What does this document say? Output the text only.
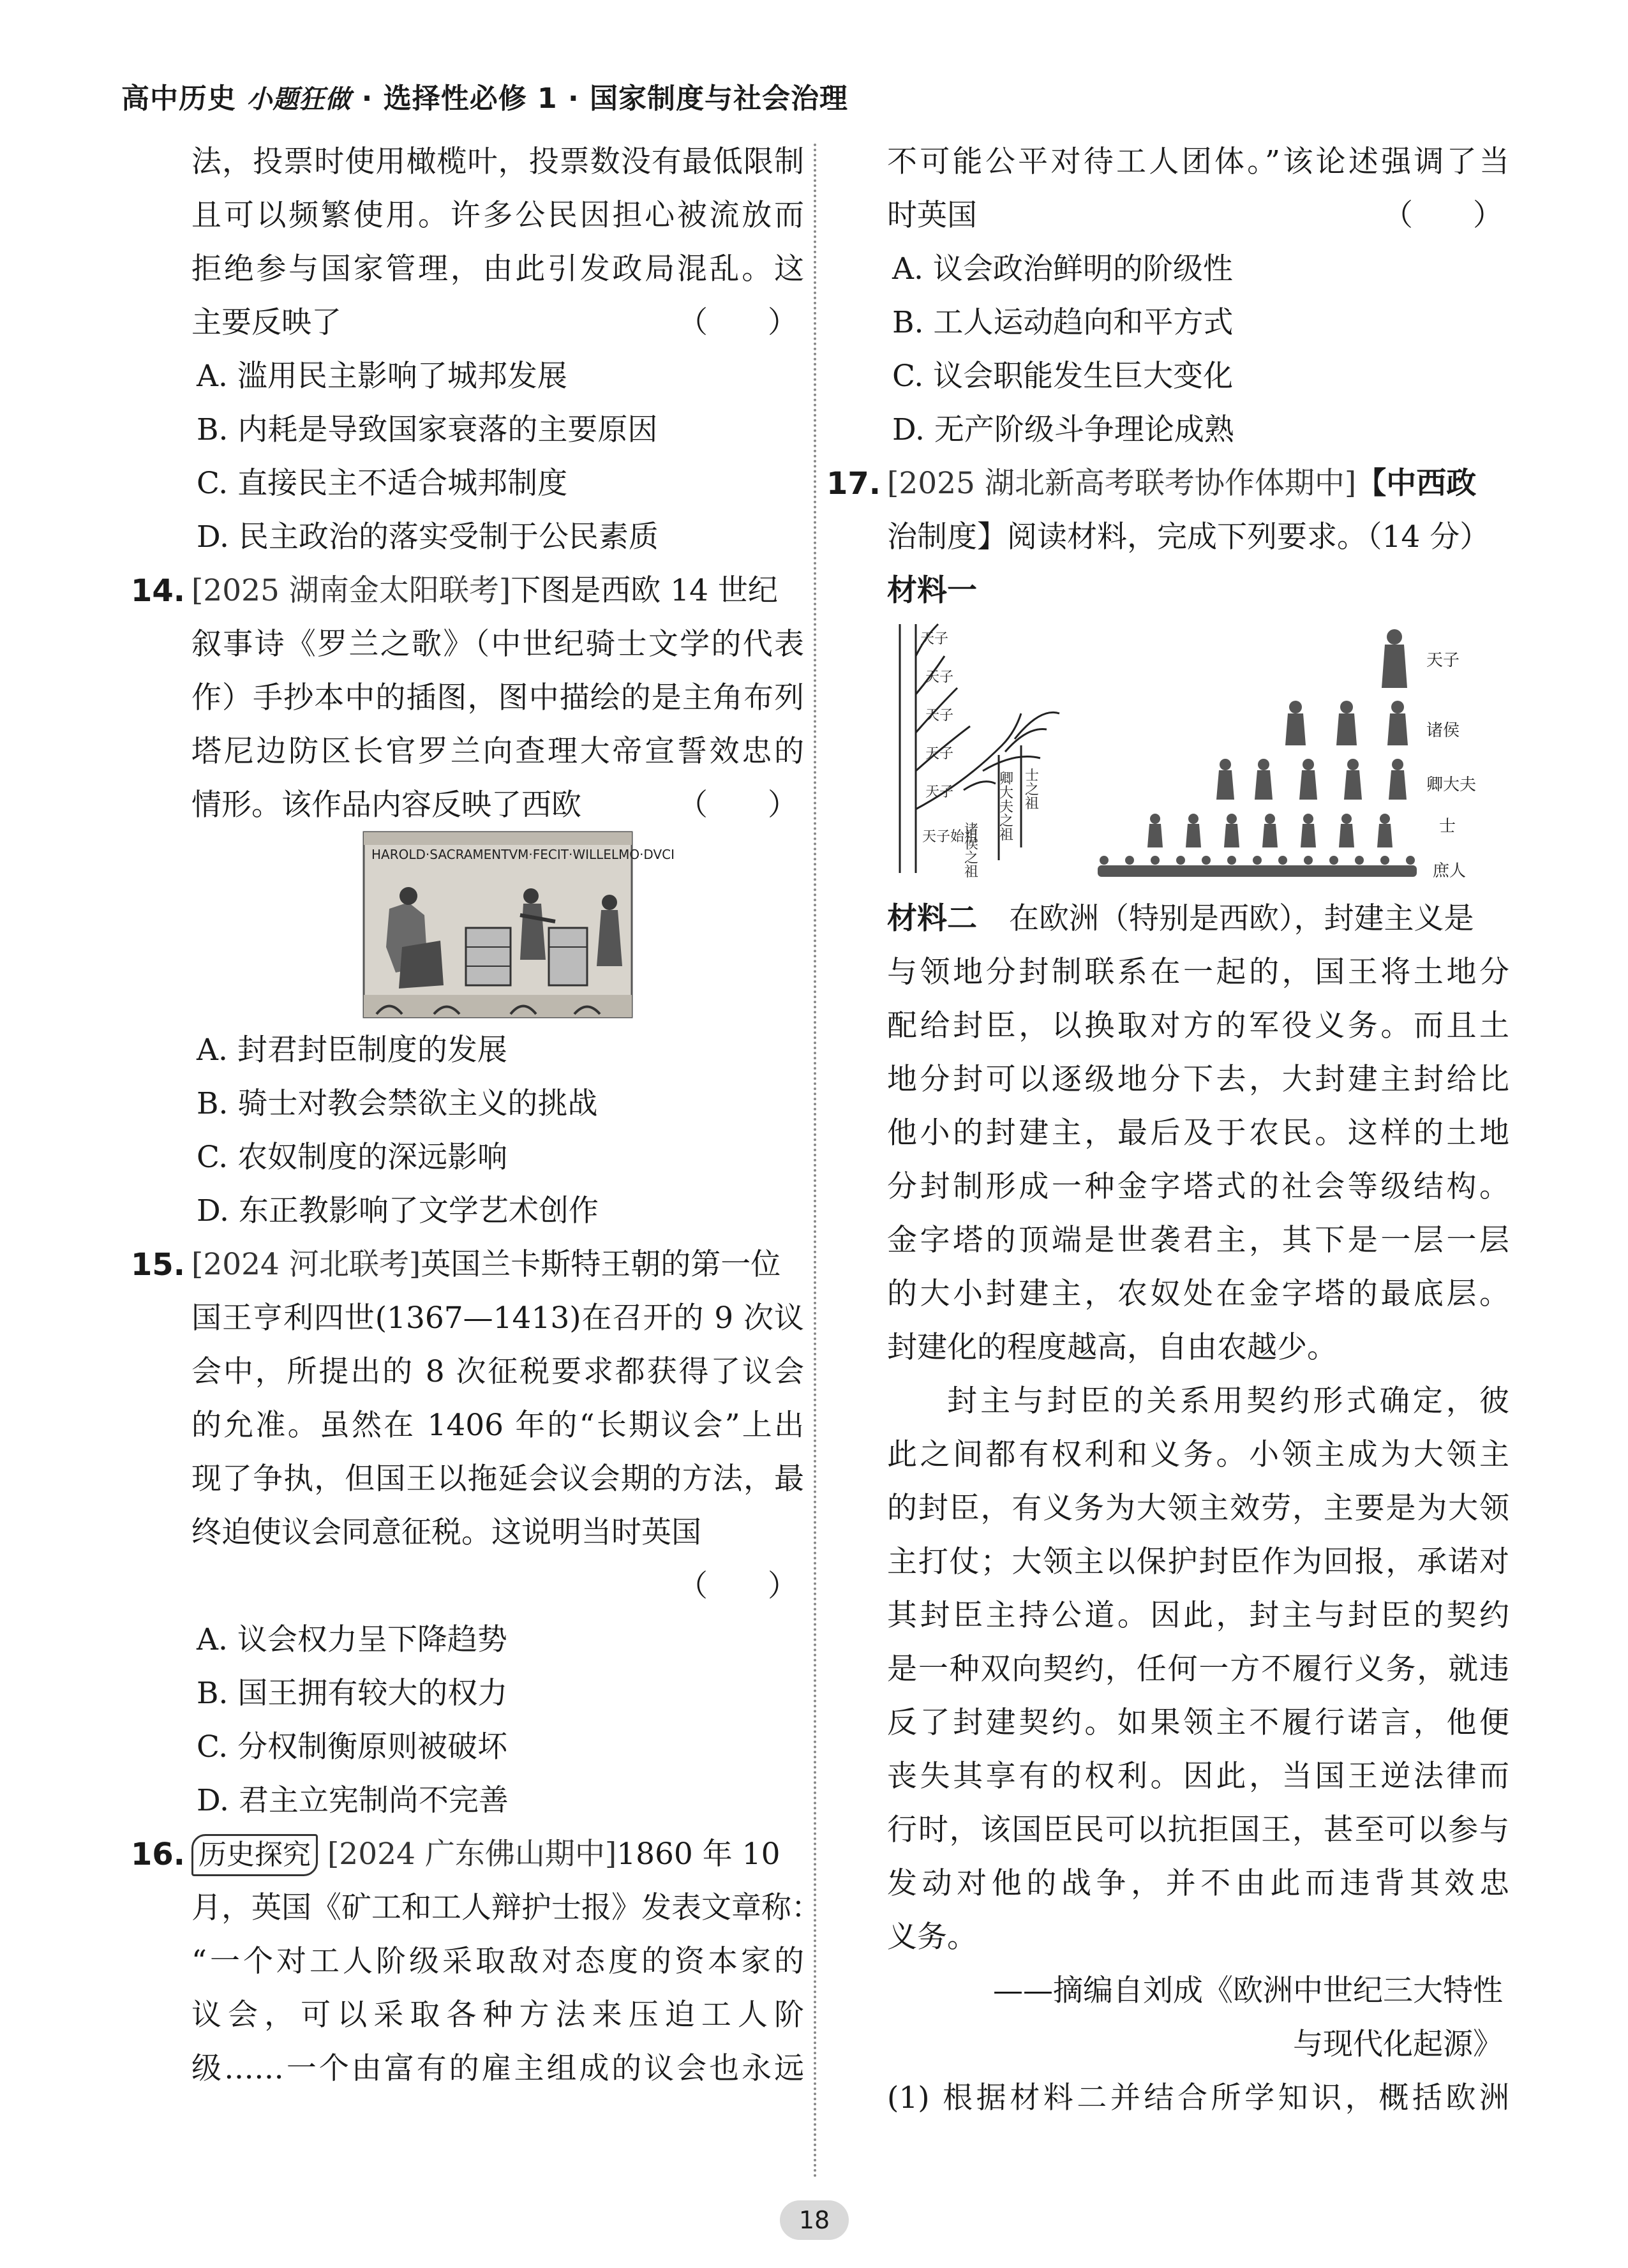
高中历史 小题狂做 · 选择性必修 1 · 国家制度与社会治理
法，投票时使用橄榄叶，投票数没有最低限制
且可以频繁使用。许多公民因担心被流放而
拒绝参与国家管理，由此引发政局混乱。这
主要反映了	（　　）
A. 滥用民主影响了城邦发展
B. 内耗是导致国家衰落的主要原因
C. 直接民主不适合城邦制度
D. 民主政治的落实受制于公民素质
14. [2025 湖南金太阳联考]下图是西欧 14 世纪
叙事诗《罗兰之歌》（中世纪骑士文学的代表
作）手抄本中的插图，图中描绘的是主角布列
塔尼边防区长官罗兰向查理大帝宣誓效忠的
情形。该作品内容反映了西欧	（　　）
HAROLD·SACRAMENTVM·FECIT·WILLELMO·DVCI
A. 封君封臣制度的发展
B. 骑士对教会禁欲主义的挑战
C. 农奴制度的深远影响
D. 东正教影响了文学艺术创作
15. [2024 河北联考]英国兰卡斯特王朝的第一位
国王亨利四世(1367—1413)在召开的 9 次议
会中，所提出的 8 次征税要求都获得了议会
的允准。虽然在 1406 年的“长期议会”上出
现了争执，但国王以拖延会议会期的方法，最
终迫使议会同意征税。这说明当时英国
（　　）
A. 议会权力呈下降趋势
B. 国王拥有较大的权力
C. 分权制衡原则被破坏
D. 君主立宪制尚不完善
16. 历史探究 [2024 广东佛山期中]1860 年 10
月，英国《矿工和工人辩护士报》发表文章称：
“一个对工人阶级采取敌对态度的资本家的
议会，可以采取各种方法来压迫工人阶
级……一个由富有的雇主组成的议会也永远
不可能公平对待工人团体。”该论述强调了当
时英国	（　　）
A. 议会政治鲜明的阶级性
B. 工人运动趋向和平方式
C. 议会职能发生巨大变化
D. 无产阶级斗争理论成熟
17. [2025 湖北新高考联考协作体期中]【中西政
治制度】阅读材料，完成下列要求。（14 分）
材料一
天子
天子
天子
天子
天子
天子始祖
诸侯之祖
卿大夫之祖 士之祖
天子
诸侯
卿大夫
士
庶人
材料二 在欧洲（特别是西欧），封建主义是
与领地分封制联系在一起的，国王将土地分
配给封臣，以换取对方的军役义务。而且土
地分封可以逐级地分下去，大封建主封给比
他小的封建主，最后及于农民。这样的土地
分封制形成一种金字塔式的社会等级结构。
金字塔的顶端是世袭君主，其下是一层一层
的大小封建主，农奴处在金字塔的最底层。
封建化的程度越高，自由农越少。
封主与封臣的关系用契约形式确定，彼
此之间都有权利和义务。小领主成为大领主
的封臣，有义务为大领主效劳，主要是为大领
主打仗；大领主以保护封臣作为回报，承诺对
其封臣主持公道。因此，封主与封臣的契约
是一种双向契约，任何一方不履行义务，就违
反了封建契约。如果领主不履行诺言，他便
丧失其享有的权利。因此，当国王逆法律而
行时，该国臣民可以抗拒国王，甚至可以参与
发动对他的战争，并不由此而违背其效忠
义务。
——摘编自刘成《欧洲中世纪三大特性
与现代化起源》
(1) 根据材料二并结合所学知识，概括欧洲
18
